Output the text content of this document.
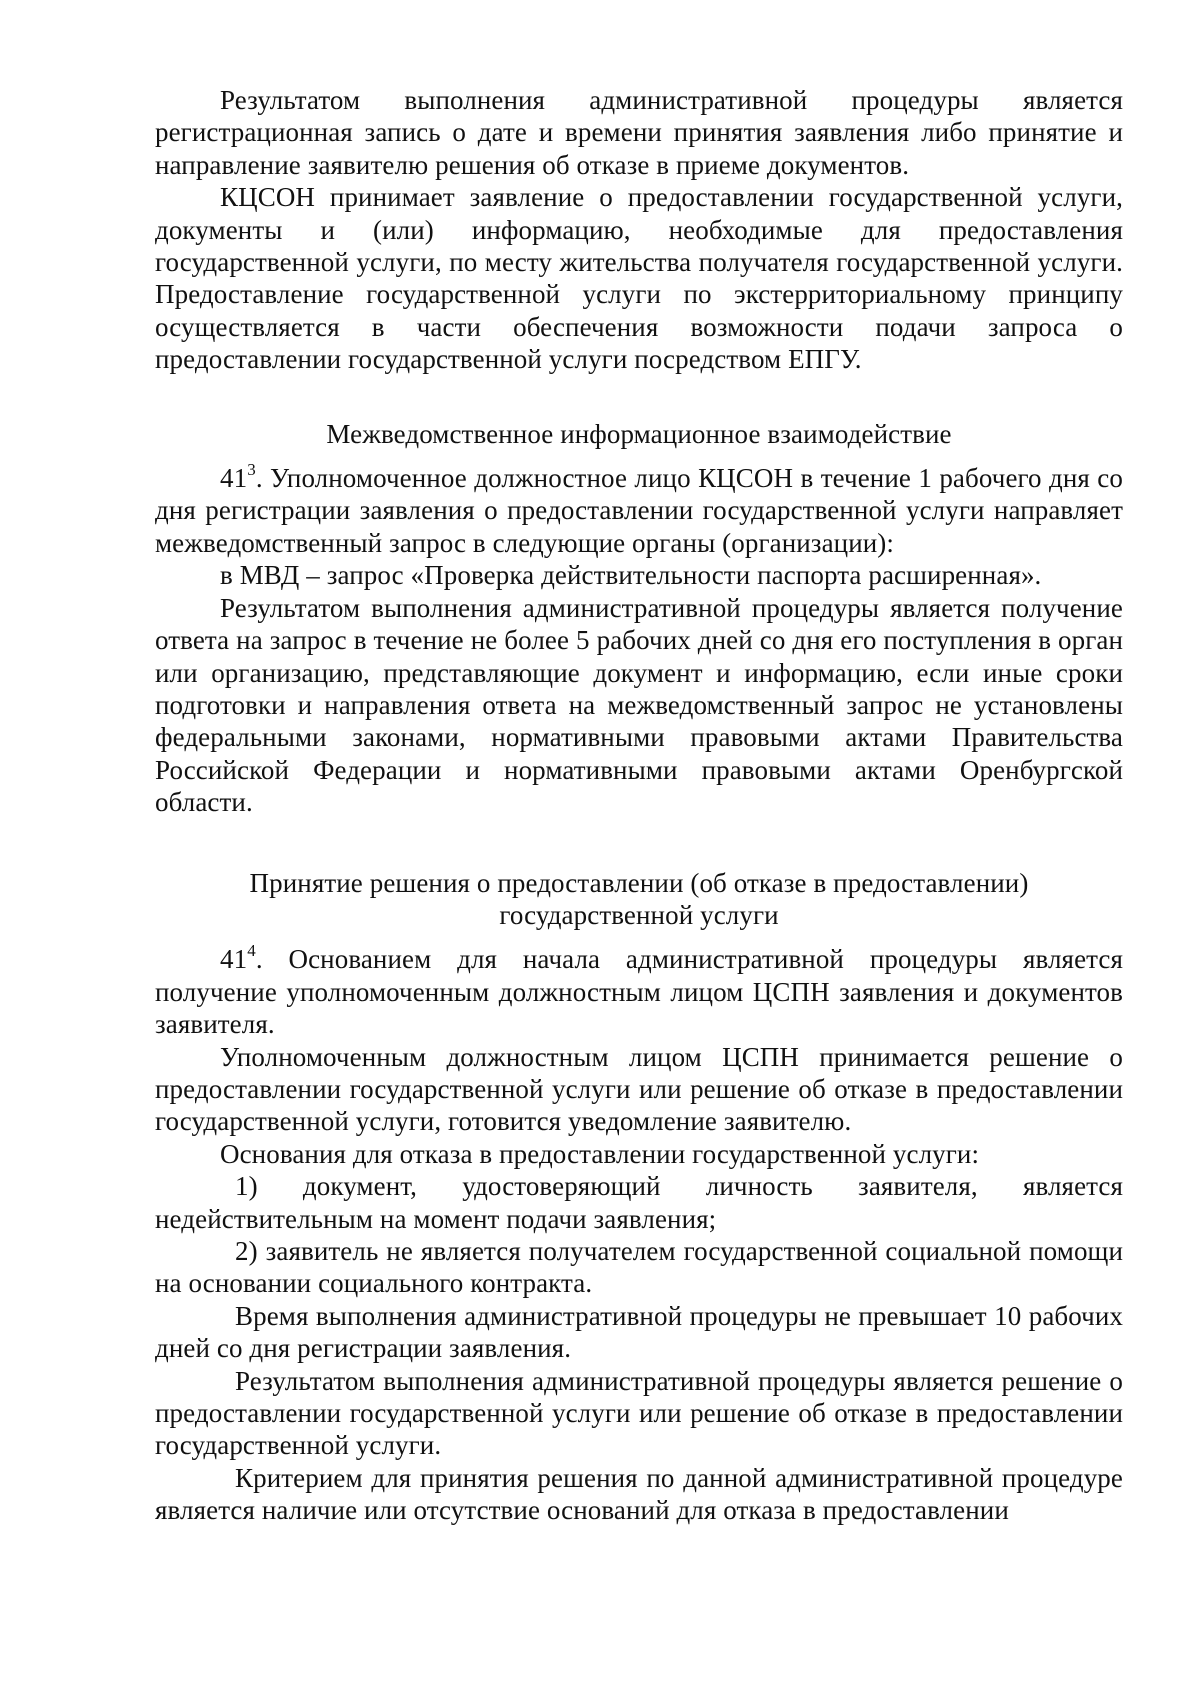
Результатом выполнения административной процедуры является регистрационная запись о дате и времени принятия заявления либо принятие и направление заявителю решения об отказе в приеме документов.

КЦСОН принимает заявление о предоставлении государственной услуги, документы и (или) информацию, необходимые для предоставления государственной услуги, по месту жительства получателя государственной услуги. Предоставление государственной услуги по экстерриториальному принципу осуществляется в части обеспечения возможности подачи запроса о предоставлении государственной услуги посредством ЕПГУ.

Межведомственное информационное взаимодействие

$41^3$. Уполномоченное должностное лицо КЦСОН в течение 1 рабочего дня со дня регистрации заявления о предоставлении государственной услуги направляет межведомственный запрос в следующие органы (организации):

в МВД – запрос «Проверка действительности паспорта расширенная».

Результатом выполнения административной процедуры является получение ответа на запрос в течение не более 5 рабочих дней со дня его поступления в орган или организацию, представляющие документ и информацию, если иные сроки подготовки и направления ответа на межведомственный запрос не установлены федеральными законами, нормативными правовыми актами Правительства Российской Федерации и нормативными правовыми актами Оренбургской области.

Принятие решения о предоставлении (об отказе в предоставлении)
государственной услуги

$41^4$. Основанием для начала административной процедуры является получение уполномоченным должностным лицом ЦСПН заявления и документов заявителя.

Уполномоченным должностным лицом ЦСПН принимается решение о предоставлении государственной услуги или решение об отказе в предоставлении государственной услуги, готовится уведомление заявителю.

Основания для отказа в предоставлении государственной услуги:

1) документ, удостоверяющий личность заявителя, является недействительным на момент подачи заявления;

2) заявитель не является получателем государственной социальной помощи на основании социального контракта.

Время выполнения административной процедуры не превышает 10 рабочих дней со дня регистрации заявления.

Результатом выполнения административной процедуры является решение о предоставлении государственной услуги или решение об отказе в предоставлении государственной услуги.

Критерием для принятия решения по данной административной процедуре является наличие или отсутствие оснований для отказа в предоставлении
